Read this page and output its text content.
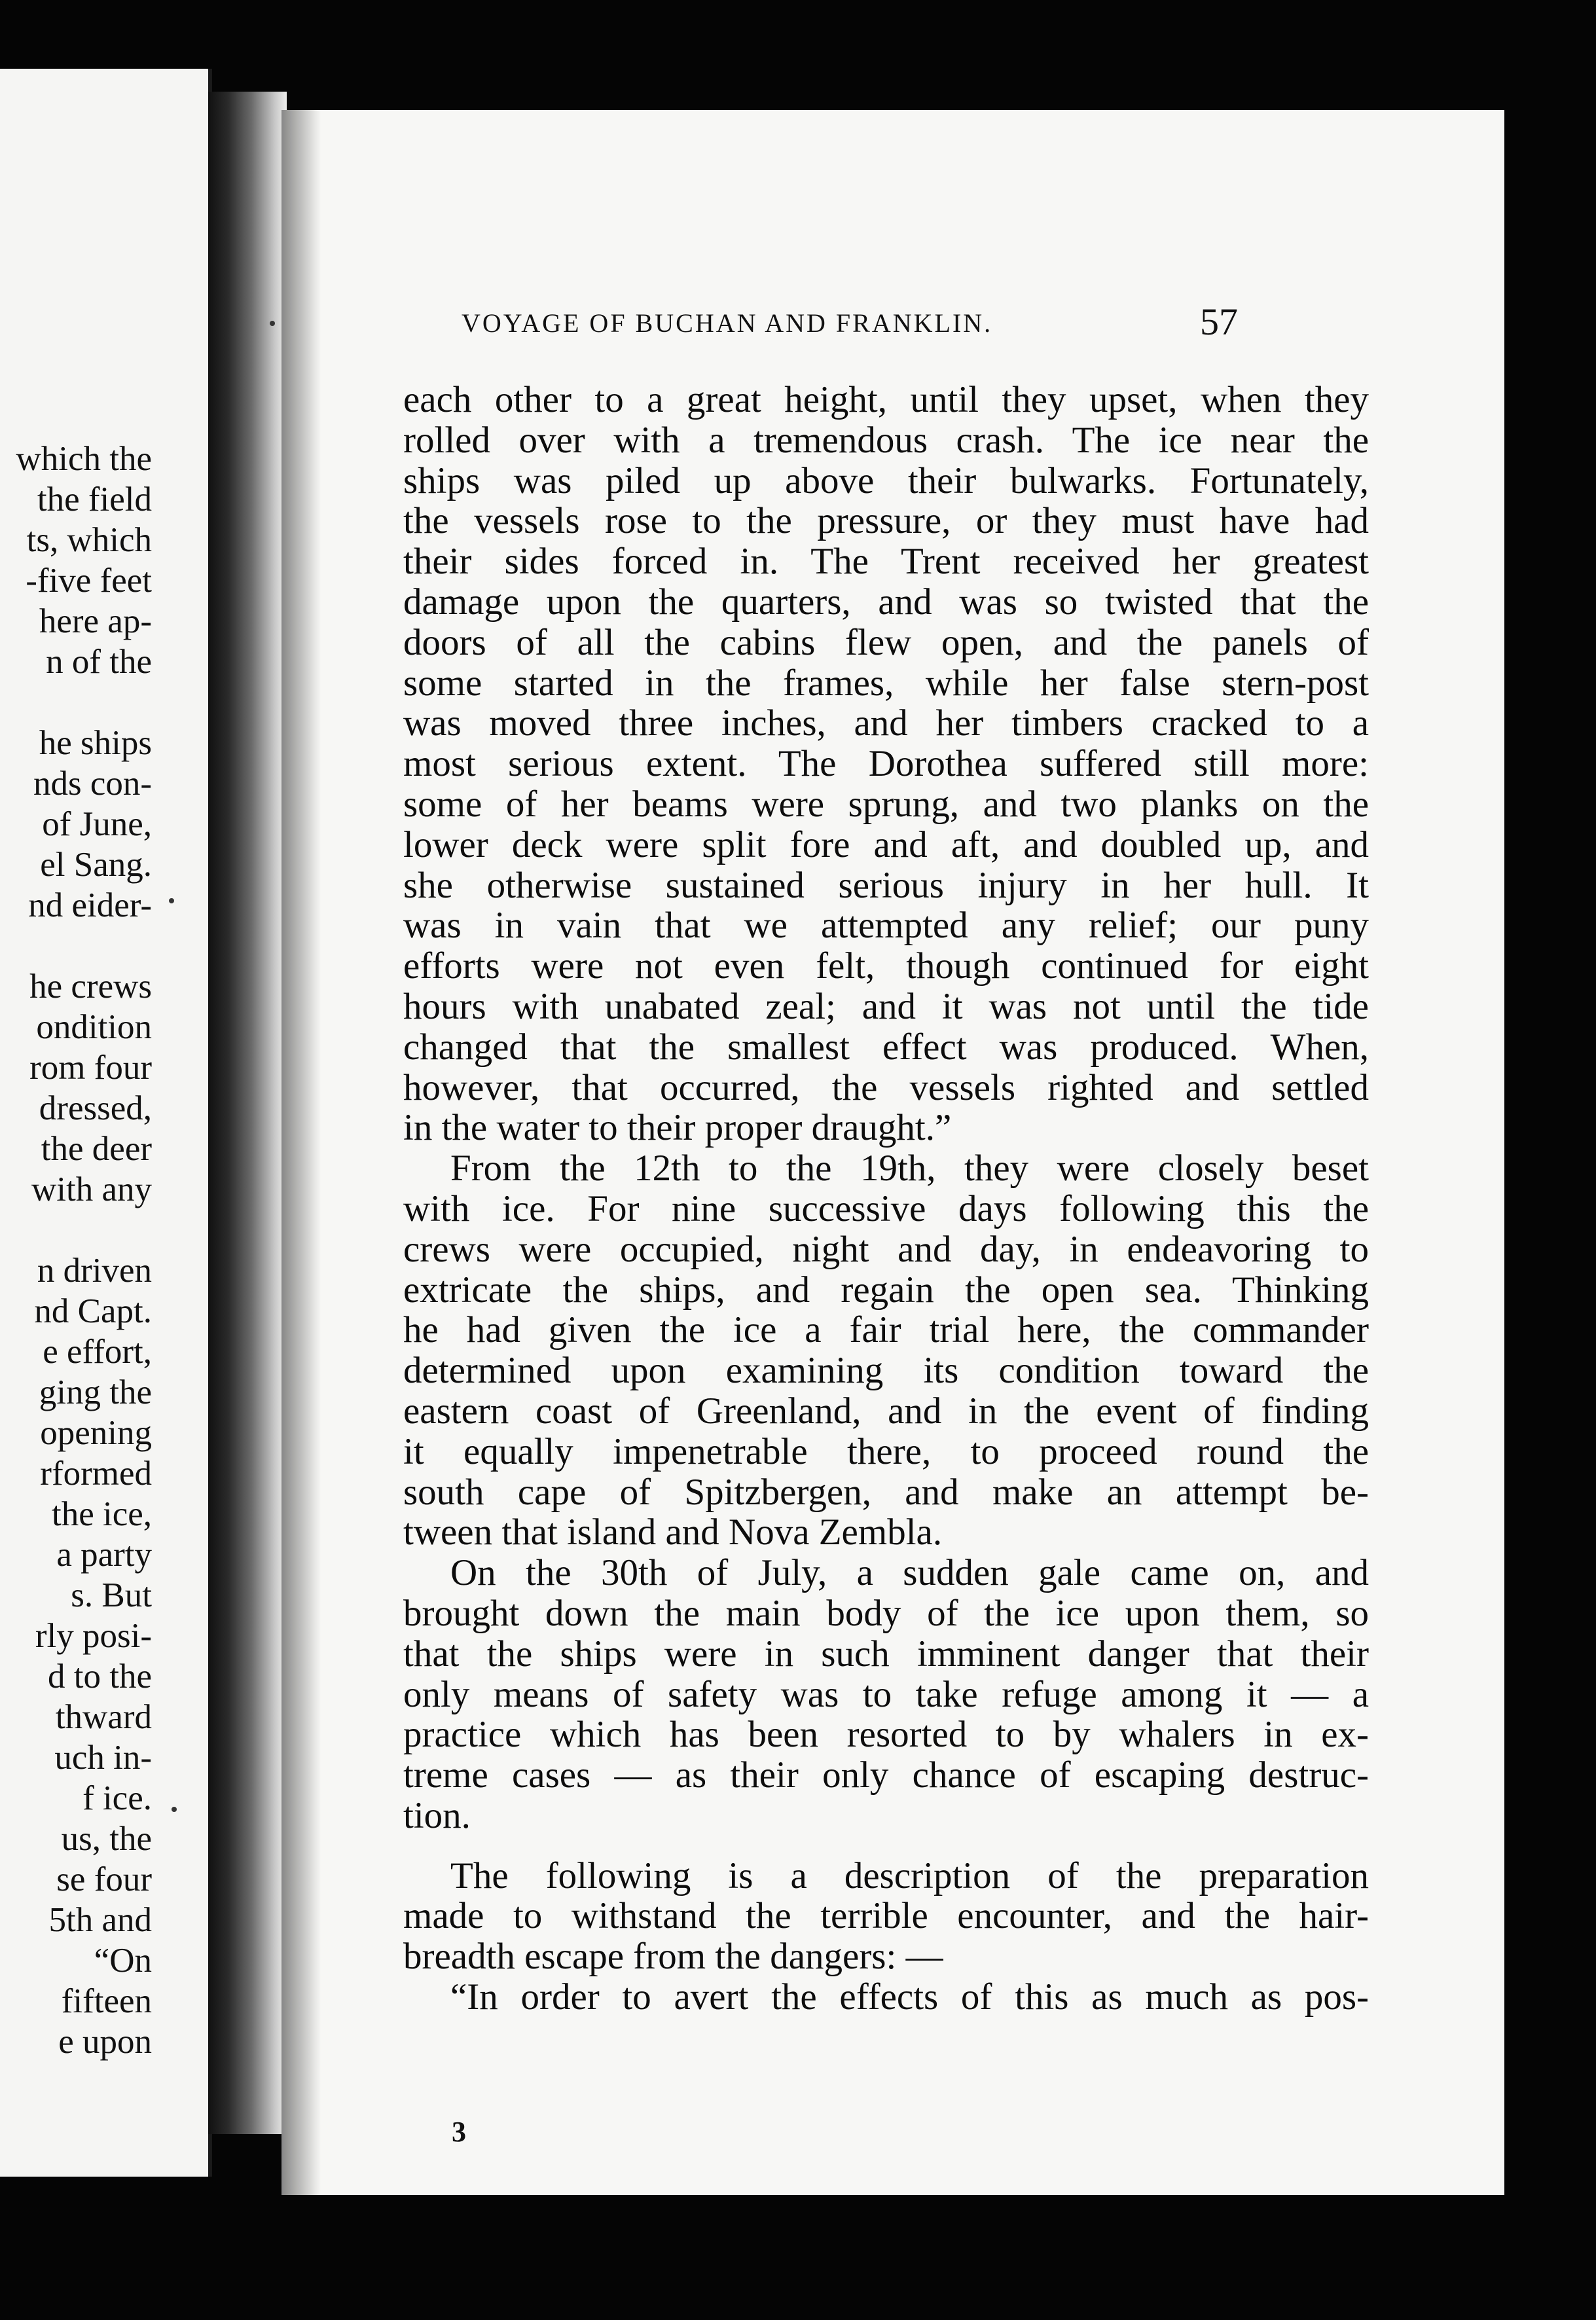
which the
the field
ts, which
-five feet
here ap-
n of the
he ships
nds con-
of June,
el Sang.
nd eider-
he crews
ondition
rom four
dressed,
the deer
with any
n driven
nd Capt.
e effort,
ging the
opening
rformed
the ice,
a party
s. But
rly posi-
d to the
thward
uch in-
f ice.
us, the
se four
5th and
“On
fifteen
e upon
VOYAGE OF BUCHAN AND FRANKLIN.	57
each other to a great height, until they upset, when they
rolled over with a tremendous crash. The ice near the
ships was piled up above their bulwarks. Fortunately,
the vessels rose to the pressure, or they must have had
their sides forced in. The Trent received her greatest
damage upon the quarters, and was so twisted that the
doors of all the cabins flew open, and the panels of
some started in the frames, while her false stern-post
was moved three inches, and her timbers cracked to a
most serious extent. The Dorothea suffered still more:
some of her beams were sprung, and two planks on the
lower deck were split fore and aft, and doubled up, and
she otherwise sustained serious injury in her hull. It
was in vain that we attempted any relief; our puny
efforts were not even felt, though continued for eight
hours with unabated zeal; and it was not until the tide
changed that the smallest effect was produced. When,
however, that occurred, the vessels righted and settled
in the water to their proper draught.”
From the 12th to the 19th, they were closely beset
with ice. For nine successive days following this the
crews were occupied, night and day, in endeavoring to
extricate the ships, and regain the open sea. Thinking
he had given the ice a fair trial here, the commander
determined upon examining its condition toward the
eastern coast of Greenland, and in the event of finding
it equally impenetrable there, to proceed round the
south cape of Spitzbergen, and make an attempt be-
tween that island and Nova Zembla.
On the 30th of July, a sudden gale came on, and
brought down the main body of the ice upon them, so
that the ships were in such imminent danger that their
only means of safety was to take refuge among it — a
practice which has been resorted to by whalers in ex-
treme cases — as their only chance of escaping destruc-
tion.
The following is a description of the preparation
made to withstand the terrible encounter, and the hair-
breadth escape from the dangers: —
“In order to avert the effects of this as much as pos-
3
